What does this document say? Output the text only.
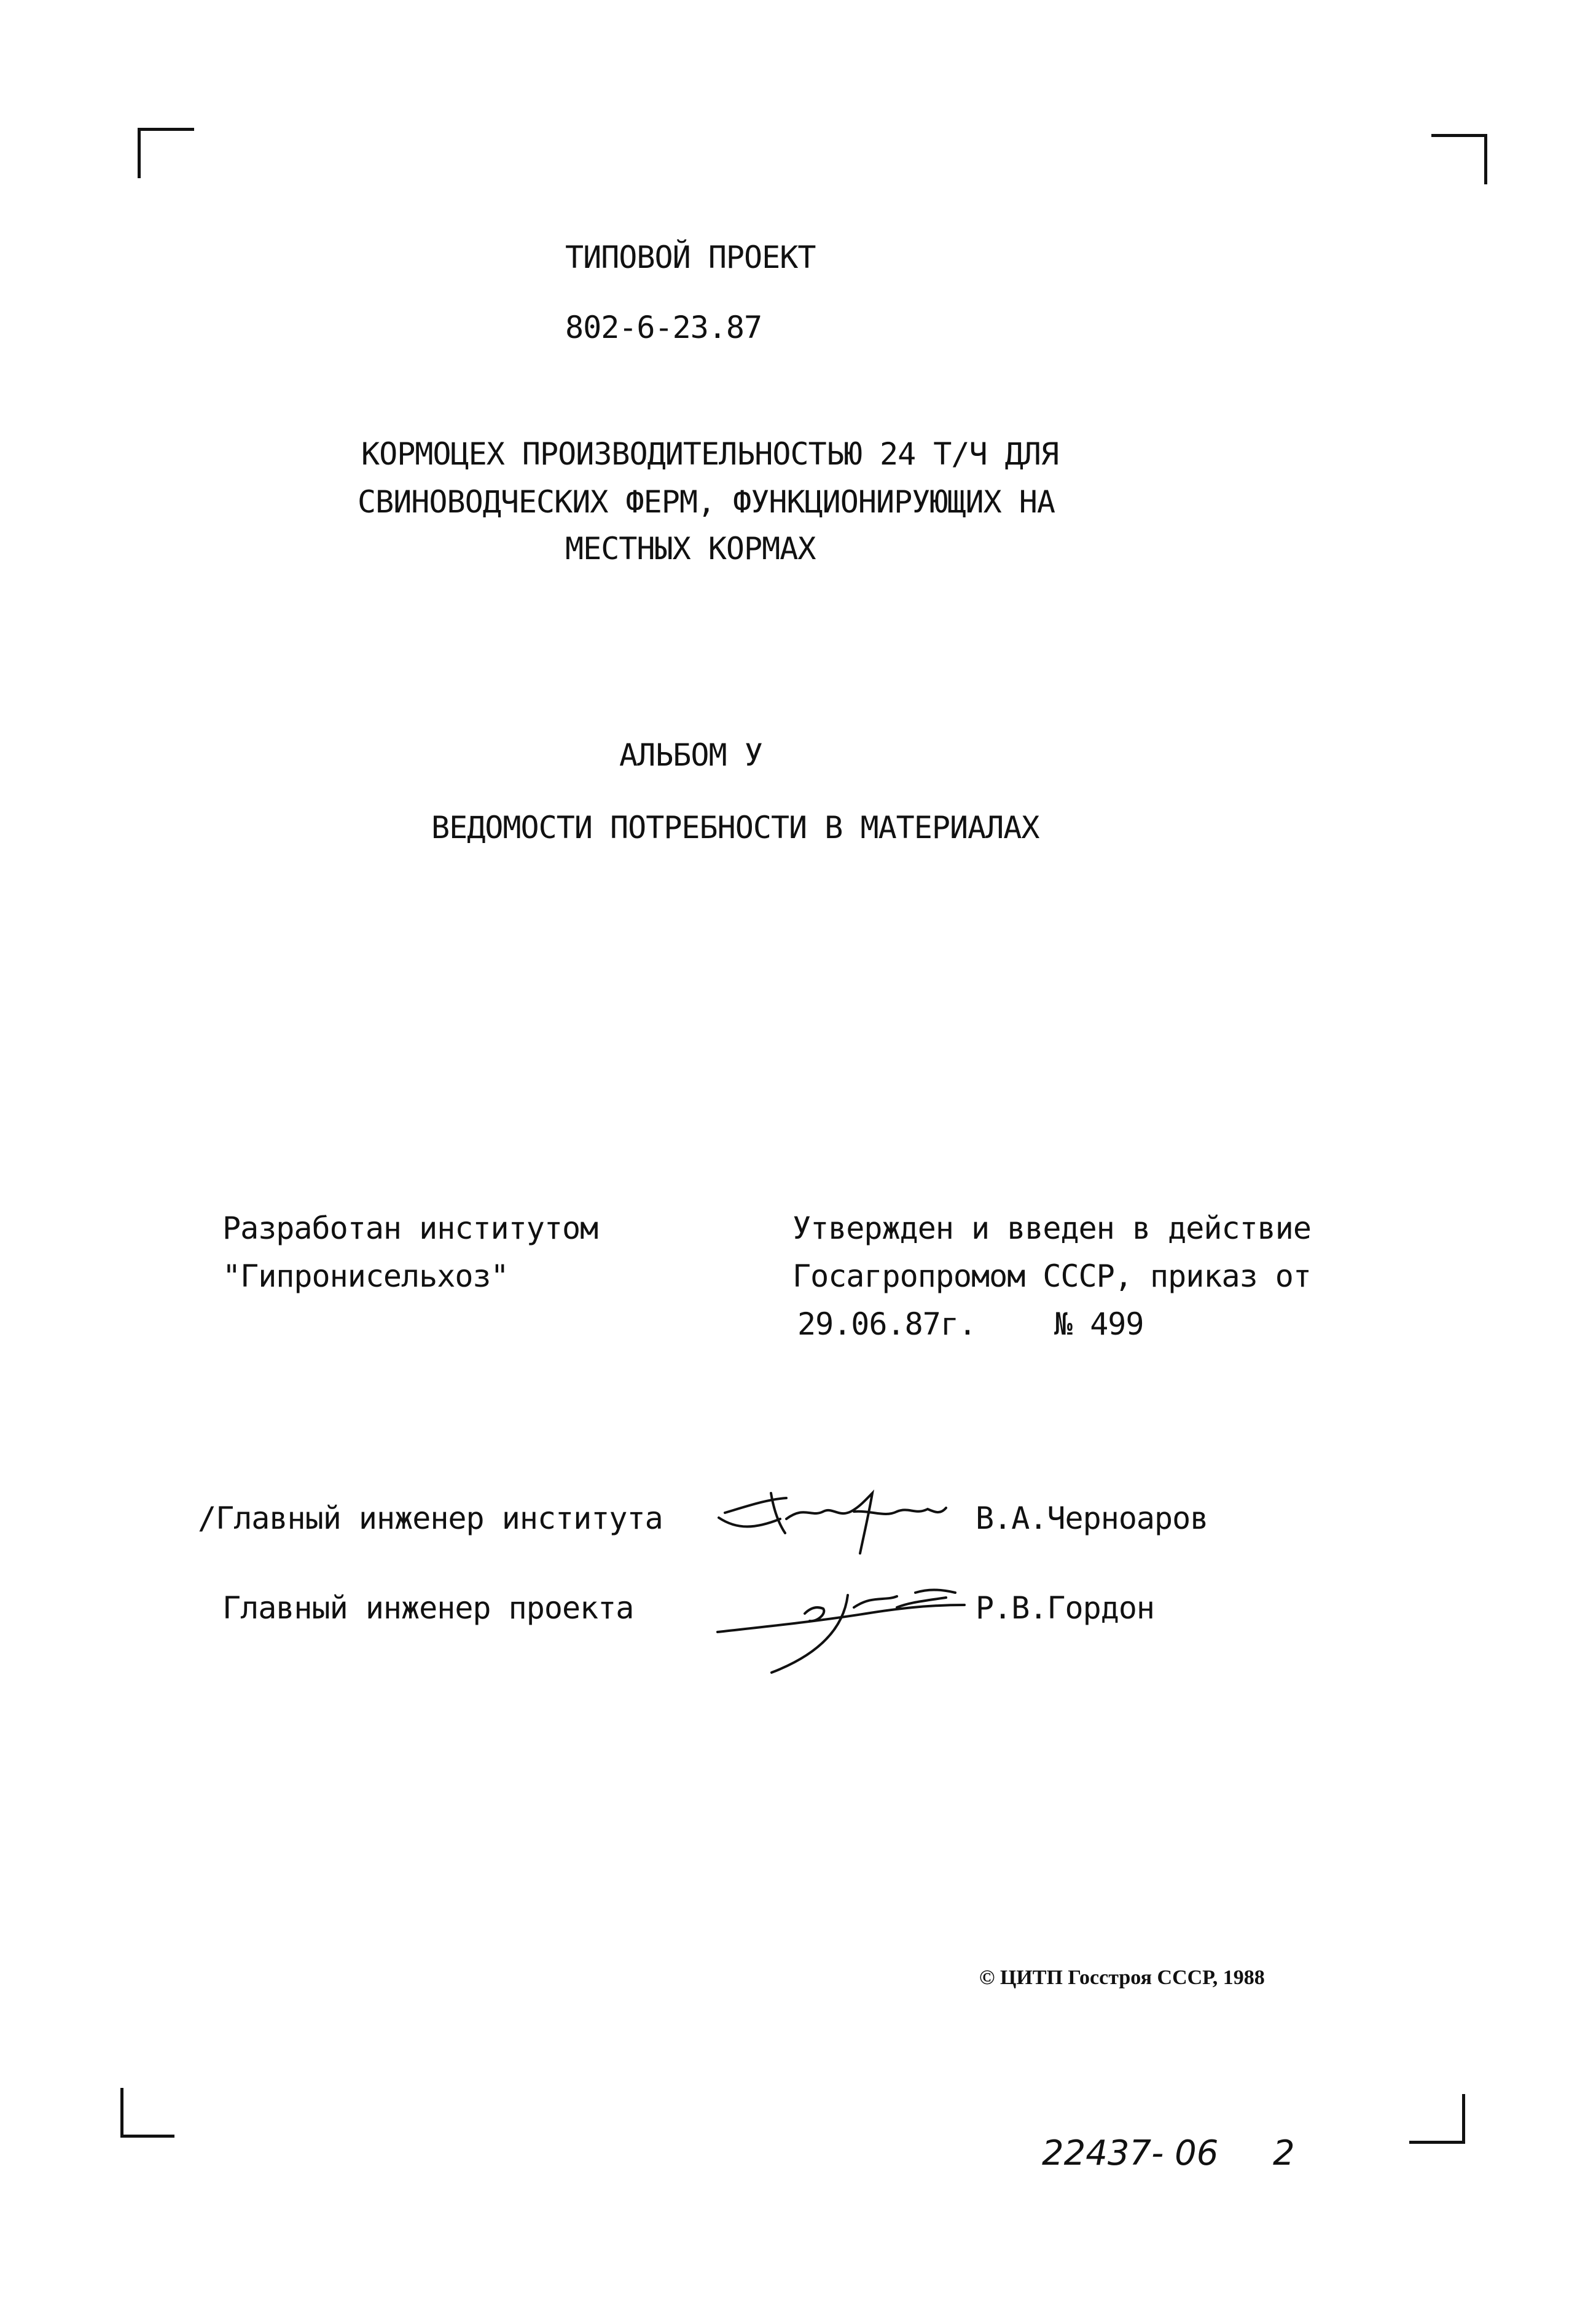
ТИПОВОЙ ПРОЕКТ
802-6-23.87
КОРМОЦЕХ ПРОИЗВОДИТЕЛЬНОСТЬЮ 24 Т/Ч ДЛЯ
СВИНОВОДЧЕСКИХ ФЕРМ, ФУНКЦИОНИРУЮЩИХ НА
МЕСТНЫХ КОРМАХ
АЛЬБОМ У
ВЕДОМОСТИ ПОТРЕБНОСТИ В МАТЕРИАЛАХ
Разработан институтом
"Гипронисельхоз"
Утвержден и введен в действие
Госагропромом СССР, приказ от
29.06.87г.	№ 499
/Главный инженер института	В.А.Черноаров
Главный инженер проекта	Р.В.Гордон
© ЦИТП Госстроя СССР, 1988
22437- 06 2
